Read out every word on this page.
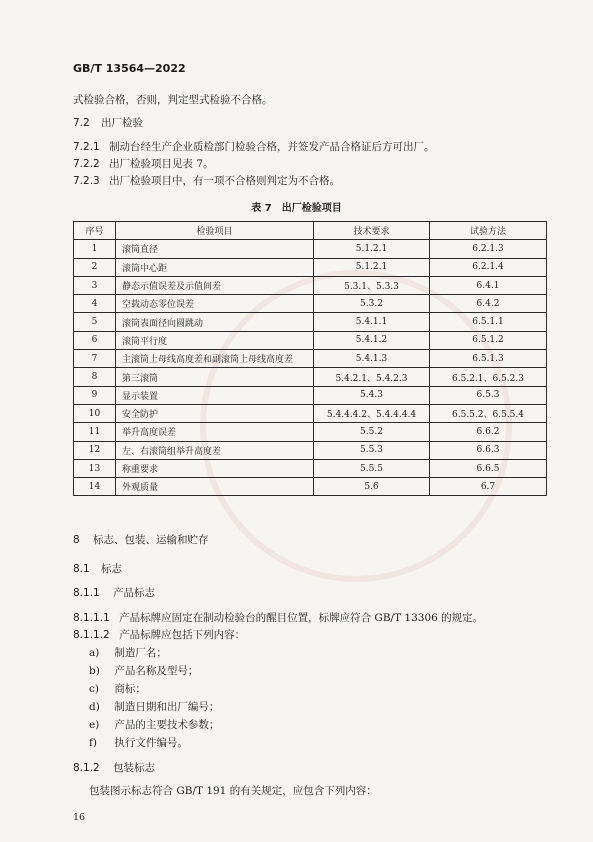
GB/T 13564—2022
式检验合格，否则，判定型式检验不合格。
7.2 出厂检验
7.2.1 制动台经生产企业质检部门检验合格，并签发产品合格证后方可出厂。
7.2.2 出厂检验项目见表 7。
7.2.3 出厂检验项目中，有一项不合格则判定为不合格。
表 7　出厂检验项目
序号	检验项目	技术要求	试验方法
1	滚筒直径	5.1.2.1	6.2.1.3
2	滚筒中心距	5.1.2.1	6.2.1.4
3	静态示值误差及示值间差	5.3.1、5.3.3	6.4.1
4	空载动态零位误差	5.3.2	6.4.2
5	滚筒表面径向圆跳动	5.4.1.1	6.5.1.1
6	滚筒平行度	5.4.1.2	6.5.1.2
7	主滚筒上母线高度差和副滚筒上母线高度差	5.4.1.3	6.5.1.3
8	第三滚筒	5.4.2.1、5.4.2.3	6.5.2.1、6.5.2.3
9	显示装置	5.4.3	6.5.3
10	安全防护	5.4.4.4.2、5.4.4.4.4	6.5.5.2、6.5.5.4
11	举升高度误差	5.5.2	6.6.2
12	左、右滚筒组举升高度差	5.5.3	6.6.3
13	称重要求	5.5.5	6.6.5
14	外观质量	5.6	6.7
8 标志、包装、运输和贮存
8.1 标志
8.1.1 产品标志
8.1.1.1 产品标牌应固定在制动检验台的醒目位置，标牌应符合 GB/T 13306 的规定。
8.1.1.2 产品标牌应包括下列内容：
a) 制造厂名；
b) 产品名称及型号；
c) 商标；
d) 制造日期和出厂编号；
e) 产品的主要技术参数；
f) 执行文件编号。
8.1.2 包装标志
包装图示标志符合 GB/T 191 的有关规定，应包含下列内容：
16
